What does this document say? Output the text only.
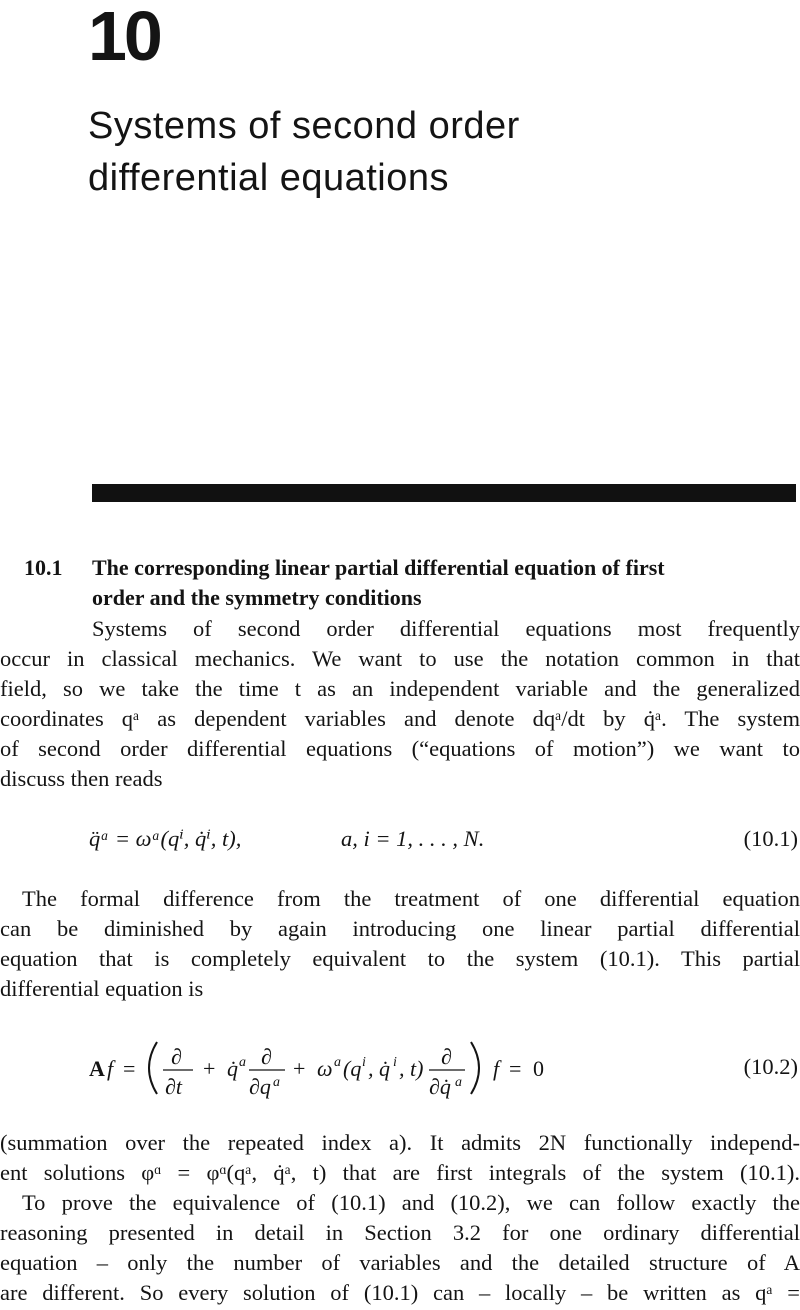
10
Systems of second order
differential equations
10.1 The corresponding linear partial differential equation of first
order and the symmetry conditions
Systems of second order differential equations most frequently
occur in classical mechanics. We want to use the notation common in that
field, so we take the time t as an independent variable and the generalized
coordinates qᵃ as dependent variables and denote dqᵃ/dt by q̇ᵃ. The system
of second order differential equations (“equations of motion”) we want to
discuss then reads
q̈ᵃ = ωᵃ(qⁱ, q̇ⁱ, t),	a, i = 1, . . . , N.	(10.1)
The formal difference from the treatment of one differential equation
can be diminished by again introducing one linear partial differential
equation that is completely equivalent to the system (10.1). This partial
differential equation is
A f = ∂
∂t
+ q̇ a ∂
∂q a
+ ω a (q i , q̇ i , t) ∂
∂q̇ a
f = 0	(10.2)
(summation over the repeated index a). It admits 2N functionally independ-
ent solutions φᵅ = φᵅ(qᵃ, q̇ᵃ, t) that are first integrals of the system (10.1).
To prove the equivalence of (10.1) and (10.2), we can follow exactly the
reasoning presented in detail in Section 3.2 for one ordinary differential
equation – only the number of variables and the detailed structure of A
are different. So every solution of (10.1) can – locally – be written as qᵃ =
